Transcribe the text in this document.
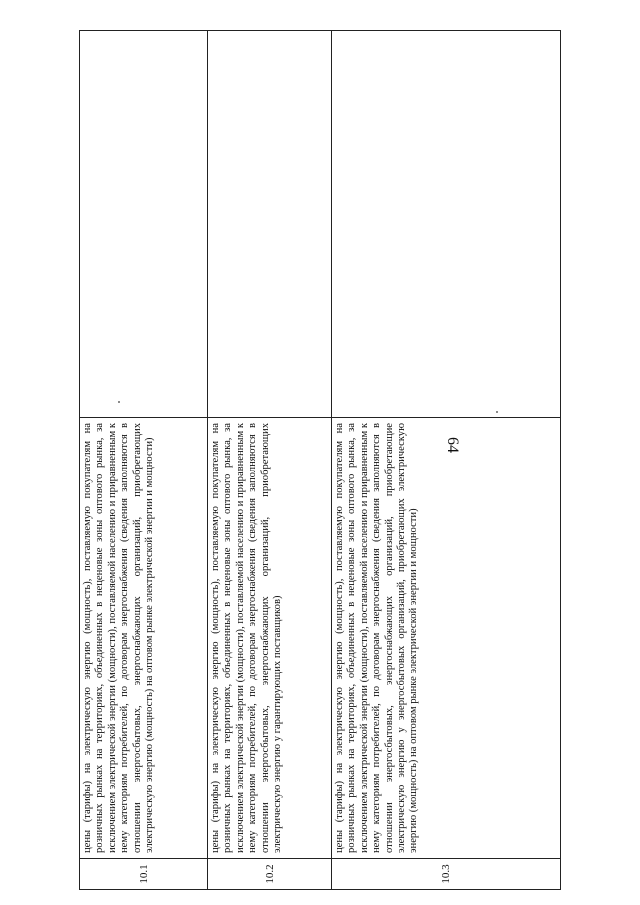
64
10.1	цены (тарифы) на электрическую энергию (мощность), поставляемую покупателям на розничных рынках на территориях, объединенных в неценовые зоны оптового рынка, за исключением электрической энергии (мощности), поставляемой населению и приравненным к нему категориям потребителей, по договорам энергоснабжения (сведения заполняются в отношении энергосбытовых, энергоснабжающих организаций, приобретающих электрическую энергию (мощность) на оптовом рынке электрической энергии и мощности)	
10.2	цены (тарифы) на электрическую энергию (мощность), поставляемую покупателям на розничных рынках на территориях, объединенных в неценовые зоны оптового рынка, за исключением электрической энергии (мощности), поставляемой населению и приравненным к нему категориям потребителей, по договорам энергоснабжения (сведения заполняются в отношении энергосбытовых, энергоснабжающих организаций, приобретающих электрическую энергию у гарантирующих поставщиков)	
10.3	цены (тарифы) на электрическую энергию (мощность), поставляемую покупателям на розничных рынках на территориях, объединенных в неценовые зоны оптового рынка, за исключением электрической энергии (мощности), поставляемой населению и приравненным к нему категориям потребителей, по договорам энергоснабжения (сведения заполняются в отношении энергосбытовых, энергоснабжающих организаций, приобретающие электрическую энергию у энергосбытовых организаций, приобретающих электрическую энергию (мощность) на оптовом рынке электрической энергии и мощности)	
